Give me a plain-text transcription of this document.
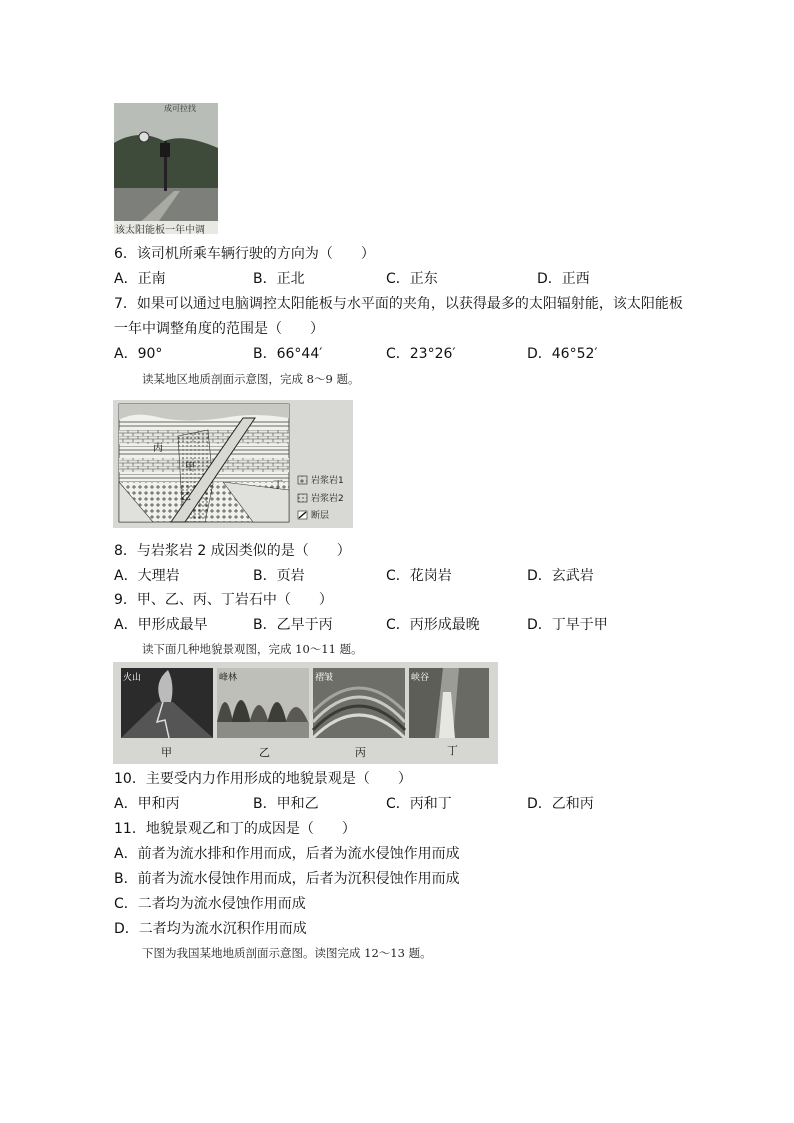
成可拉找
该太阳能板一年中调
6．该司机所乘车辆行驶的方向为（　　）
A．正南	B．正北	C．正东	D．正西
7．如果可以通过电脑调控太阳能板与水平面的夹角，以获得最多的太阳辐射能，该太阳能板
一年中调整角度的范围是（　　）
A．90°	B．66°44′	C．23°26′	D．46°52′
读某地区地质剖面示意图，完成 8～9 题。
丙
甲
乙
丁	岩浆岩1
岩浆岩2
断层
8．与岩浆岩 2 成因类似的是（　　）
A．大理岩	B．页岩	C．花岗岩	D．玄武岩
9．甲、乙、丙、丁岩石中（　　）
A．甲形成最早	B．乙早于丙	C．丙形成最晚	D．丁早于甲
读下面几种地貌景观图，完成 10～11 题。
火山	峰林	褶皱	峡谷
甲	乙	丙	丁
10．主要受内力作用形成的地貌景观是（　　）
A．甲和丙	B．甲和乙	C．丙和丁	D．乙和丙
11．地貌景观乙和丁的成因是（　　）
A．前者为流水排和作用而成，后者为流水侵蚀作用而成
B．前者为流水侵蚀作用而成，后者为沉积侵蚀作用而成
C．二者均为流水侵蚀作用而成
D．二者均为流水沉积作用而成
下图为我国某地地质剖面示意图。读图完成 12～13 题。
